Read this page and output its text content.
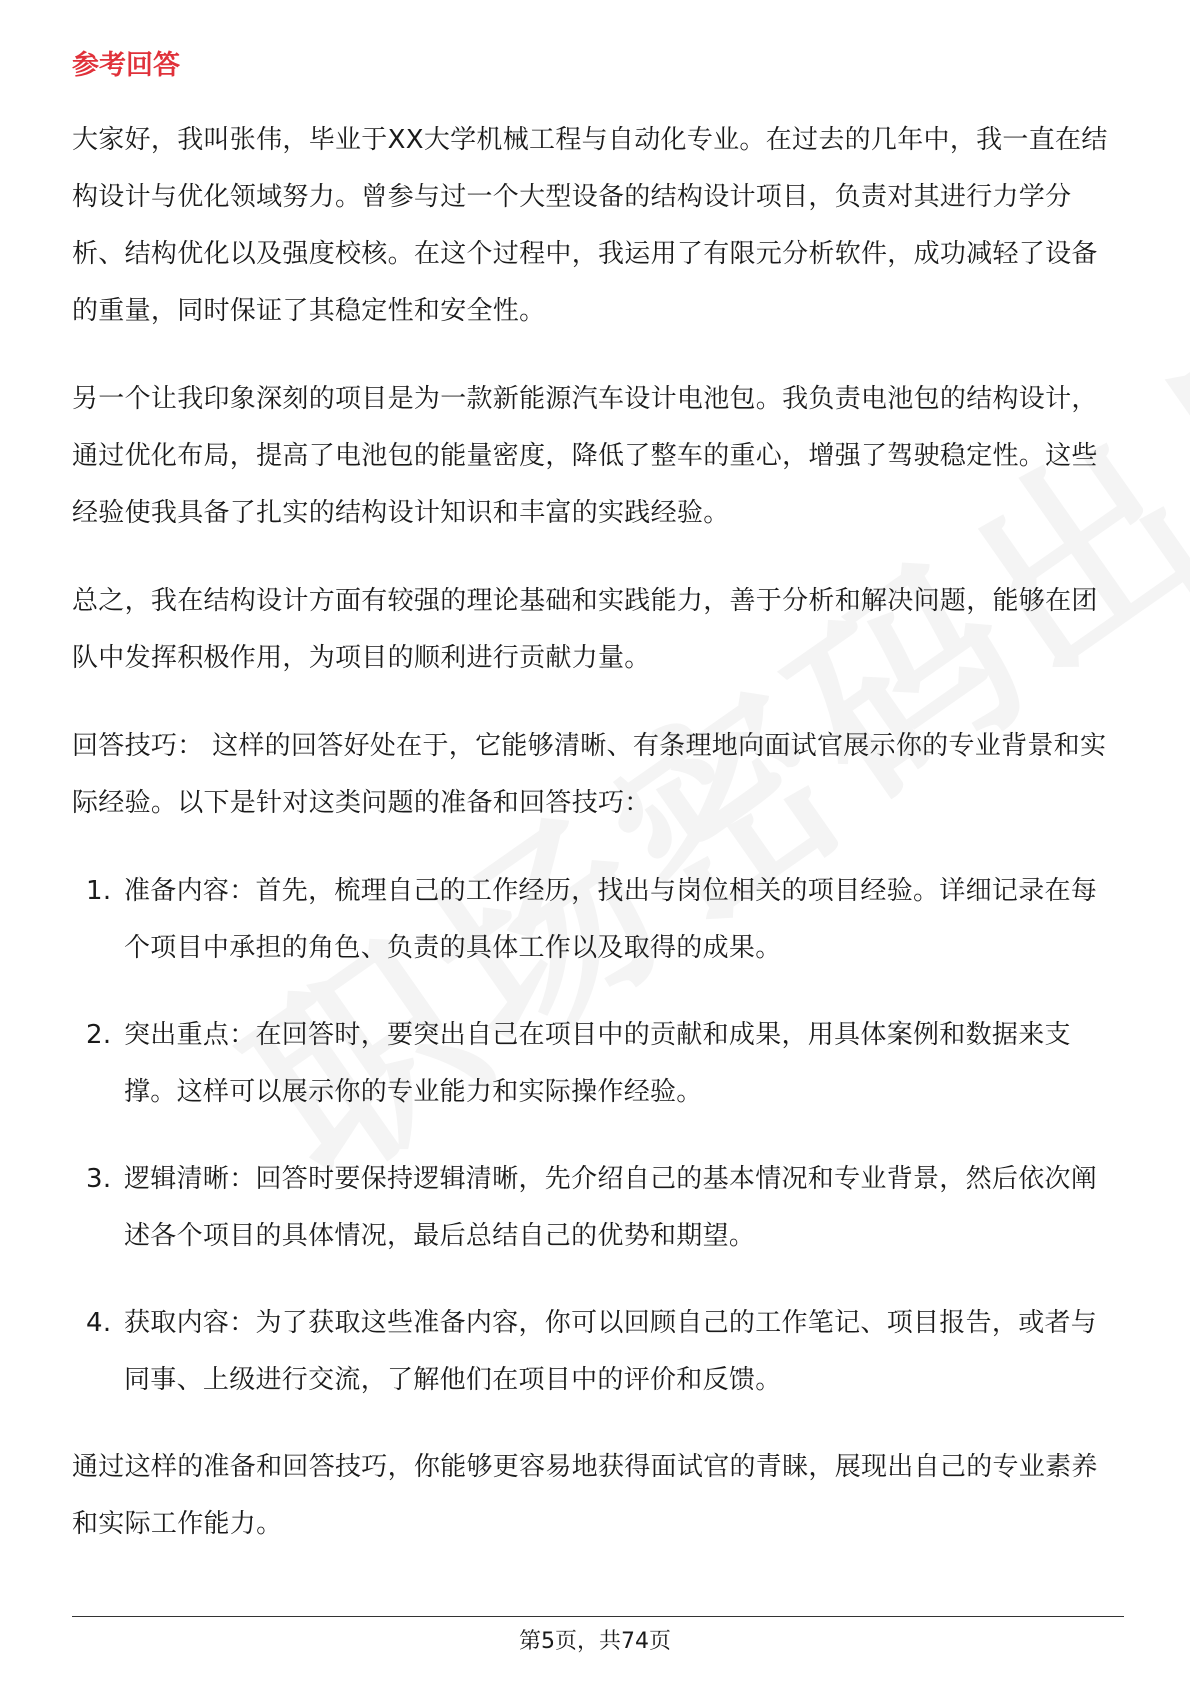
参考回答

大家好，我叫张伟，毕业于XX大学机械工程与自动化专业。在过去的几年中，我一直在结构设计与优化领域努力。曾参与过一个大型设备的结构设计项目，负责对其进行力学分析、结构优化以及强度校核。在这个过程中，我运用了有限元分析软件，成功减轻了设备的重量，同时保证了其稳定性和安全性。

另一个让我印象深刻的项目是为一款新能源汽车设计电池包。我负责电池包的结构设计，通过优化布局，提高了电池包的能量密度，降低了整车的重心，增强了驾驶稳定性。这些经验使我具备了扎实的结构设计知识和丰富的实践经验。

总之，我在结构设计方面有较强的理论基础和实践能力，善于分析和解决问题，能够在团队中发挥积极作用，为项目的顺利进行贡献力量。

回答技巧： 这样的回答好处在于，它能够清晰、有条理地向面试官展示你的专业背景和实际经验。以下是针对这类问题的准备和回答技巧：

1. 准备内容：首先，梳理自己的工作经历，找出与岗位相关的项目经验。详细记录在每个项目中承担的角色、负责的具体工作以及取得的成果。
2. 突出重点：在回答时，要突出自己在项目中的贡献和成果，用具体案例和数据来支撑。这样可以展示你的专业能力和实际操作经验。
3. 逻辑清晰：回答时要保持逻辑清晰，先介绍自己的基本情况和专业背景，然后依次阐述各个项目的具体情况，最后总结自己的优势和期望。
4. 获取内容：为了获取这些准备内容，你可以回顾自己的工作笔记、项目报告，或者与同事、上级进行交流，了解他们在项目中的评价和反馈。

通过这样的准备和回答技巧，你能够更容易地获得面试官的青睐，展现出自己的专业素养和实际工作能力。

第5页，共74页
